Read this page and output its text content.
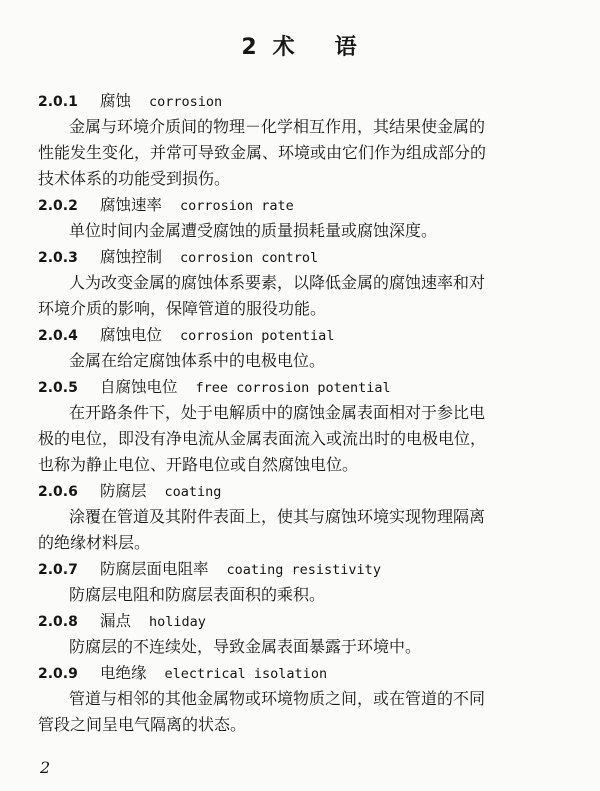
2 术 语
2.0.1 腐蚀 corrosion
金属与环境介质间的物理－化学相互作用，其结果使金属的
性能发生变化，并常可导致金属、环境或由它们作为组成部分的
技术体系的功能受到损伤。
2.0.2 腐蚀速率 corrosion rate
单位时间内金属遭受腐蚀的质量损耗量或腐蚀深度。
2.0.3 腐蚀控制 corrosion control
人为改变金属的腐蚀体系要素，以降低金属的腐蚀速率和对
环境介质的影响，保障管道的服役功能。
2.0.4 腐蚀电位 corrosion potential
金属在给定腐蚀体系中的电极电位。
2.0.5 自腐蚀电位 free corrosion potential
在开路条件下，处于电解质中的腐蚀金属表面相对于参比电
极的电位，即没有净电流从金属表面流入或流出时的电极电位，
也称为静止电位、开路电位或自然腐蚀电位。
2.0.6 防腐层 coating
涂覆在管道及其附件表面上，使其与腐蚀环境实现物理隔离
的绝缘材料层。
2.0.7 防腐层面电阻率 coating resistivity
防腐层电阻和防腐层表面积的乘积。
2.0.8 漏点 holiday
防腐层的不连续处，导致金属表面暴露于环境中。
2.0.9 电绝缘 electrical isolation
管道与相邻的其他金属物或环境物质之间，或在管道的不同
管段之间呈电气隔离的状态。
2
